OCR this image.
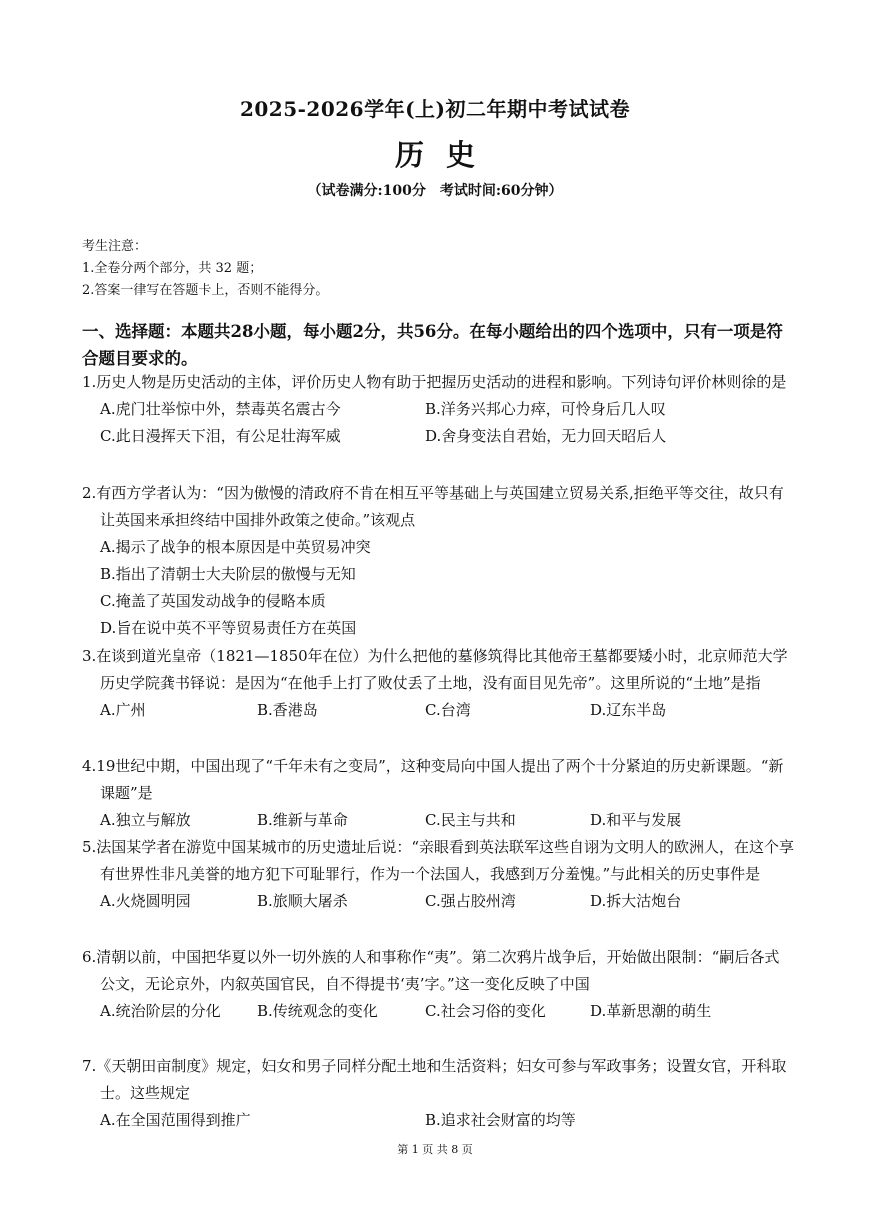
2025-2026学年(上)初二年期中考试试卷
历史
（试卷满分:100分　考试时间:60分钟）
考生注意：
1.全卷分两个部分，共 32 题；
2.答案一律写在答题卡上，否则不能得分。
一、选择题：本题共28小题，每小题2分，共56分。在每小题给出的四个选项中，只有一项是符合题目要求的。
1.历史人物是历史活动的主体，评价历史人物有助于把握历史活动的进程和影响。下列诗句评价林则徐的是
A.虎门壮举惊中外，禁毒英名震古今	B.洋务兴邦心力瘁，可怜身后几人叹
C.此日漫挥天下泪，有公足壮海军威	D.舍身变法自君始，无力回天昭后人
2.有西方学者认为：“因为傲慢的清政府不肯在相互平等基础上与英国建立贸易关系,拒绝平等交往，故只有让英国来承担终结中国排外政策之使命。”该观点
A.揭示了战争的根本原因是中英贸易冲突
B.指出了清朝士大夫阶层的傲慢与无知
C.掩盖了英国发动战争的侵略本质
D.旨在说中英不平等贸易责任方在英国
3.在谈到道光皇帝（1821—1850年在位）为什么把他的墓修筑得比其他帝王墓都要矮小时，北京师范大学历史学院龚书铎说：是因为“在他手上打了败仗丢了土地，没有面目见先帝”。这里所说的“土地”是指
A.广州	B.香港岛	C.台湾	D.辽东半岛
4.19世纪中期，中国出现了“千年未有之变局”，这种变局向中国人提出了两个十分紧迫的历史新课题。“新课题”是
A.独立与解放	B.维新与革命	C.民主与共和	D.和平与发展
5.法国某学者在游览中国某城市的历史遗址后说：“亲眼看到英法联军这些自诩为文明人的欧洲人，在这个享有世界性非凡美誉的地方犯下可耻罪行，作为一个法国人，我感到万分羞愧。”与此相关的历史事件是
A.火烧圆明园	B.旅顺大屠杀	C.强占胶州湾	D.拆大沽炮台
6.清朝以前，中国把华夏以外一切外族的人和事称作“夷”。第二次鸦片战争后，开始做出限制：“嗣后各式公文，无论京外，内叙英国官民，自不得提书‘夷’字。”这一变化反映了中国
A.统治阶层的分化	B.传统观念的变化	C.社会习俗的变化	D.革新思潮的萌生
7.《天朝田亩制度》规定，妇女和男子同样分配土地和生活资料；妇女可参与军政事务；设置女官，开科取士。这些规定
A.在全国范围得到推广	B.追求社会财富的均等
第 1 页 共 8 页
